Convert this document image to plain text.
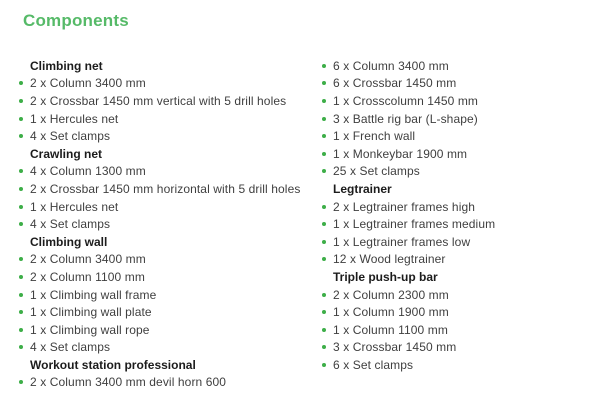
Components
Climbing net
2 x Column 3400 mm
2 x Crossbar 1450 mm vertical with 5 drill holes
1 x Hercules net
4 x Set clamps
Crawling net
4 x Column 1300 mm
2 x Crossbar 1450 mm horizontal with 5 drill holes
1 x Hercules net
4 x Set clamps
Climbing wall
2 x Column 3400 mm
2 x Column 1100 mm
1 x Climbing wall frame
1 x Climbing wall plate
1 x Climbing wall rope
4 x Set clamps
Workout station professional
2 x Column 3400 mm devil horn 600
6 x Column 3400 mm
6 x Crossbar 1450 mm
1 x Crosscolumn 1450 mm
3 x Battle rig bar (L-shape)
1 x French wall
1 x Monkeybar 1900 mm
25 x Set clamps
Legtrainer
2 x Legtrainer frames high
1 x Legtrainer frames medium
1 x Legtrainer frames low
12 x Wood legtrainer
Triple push-up bar
2 x Column 2300 mm
1 x Column 1900 mm
1 x Column 1100 mm
3 x Crossbar 1450 mm
6 x Set clamps
